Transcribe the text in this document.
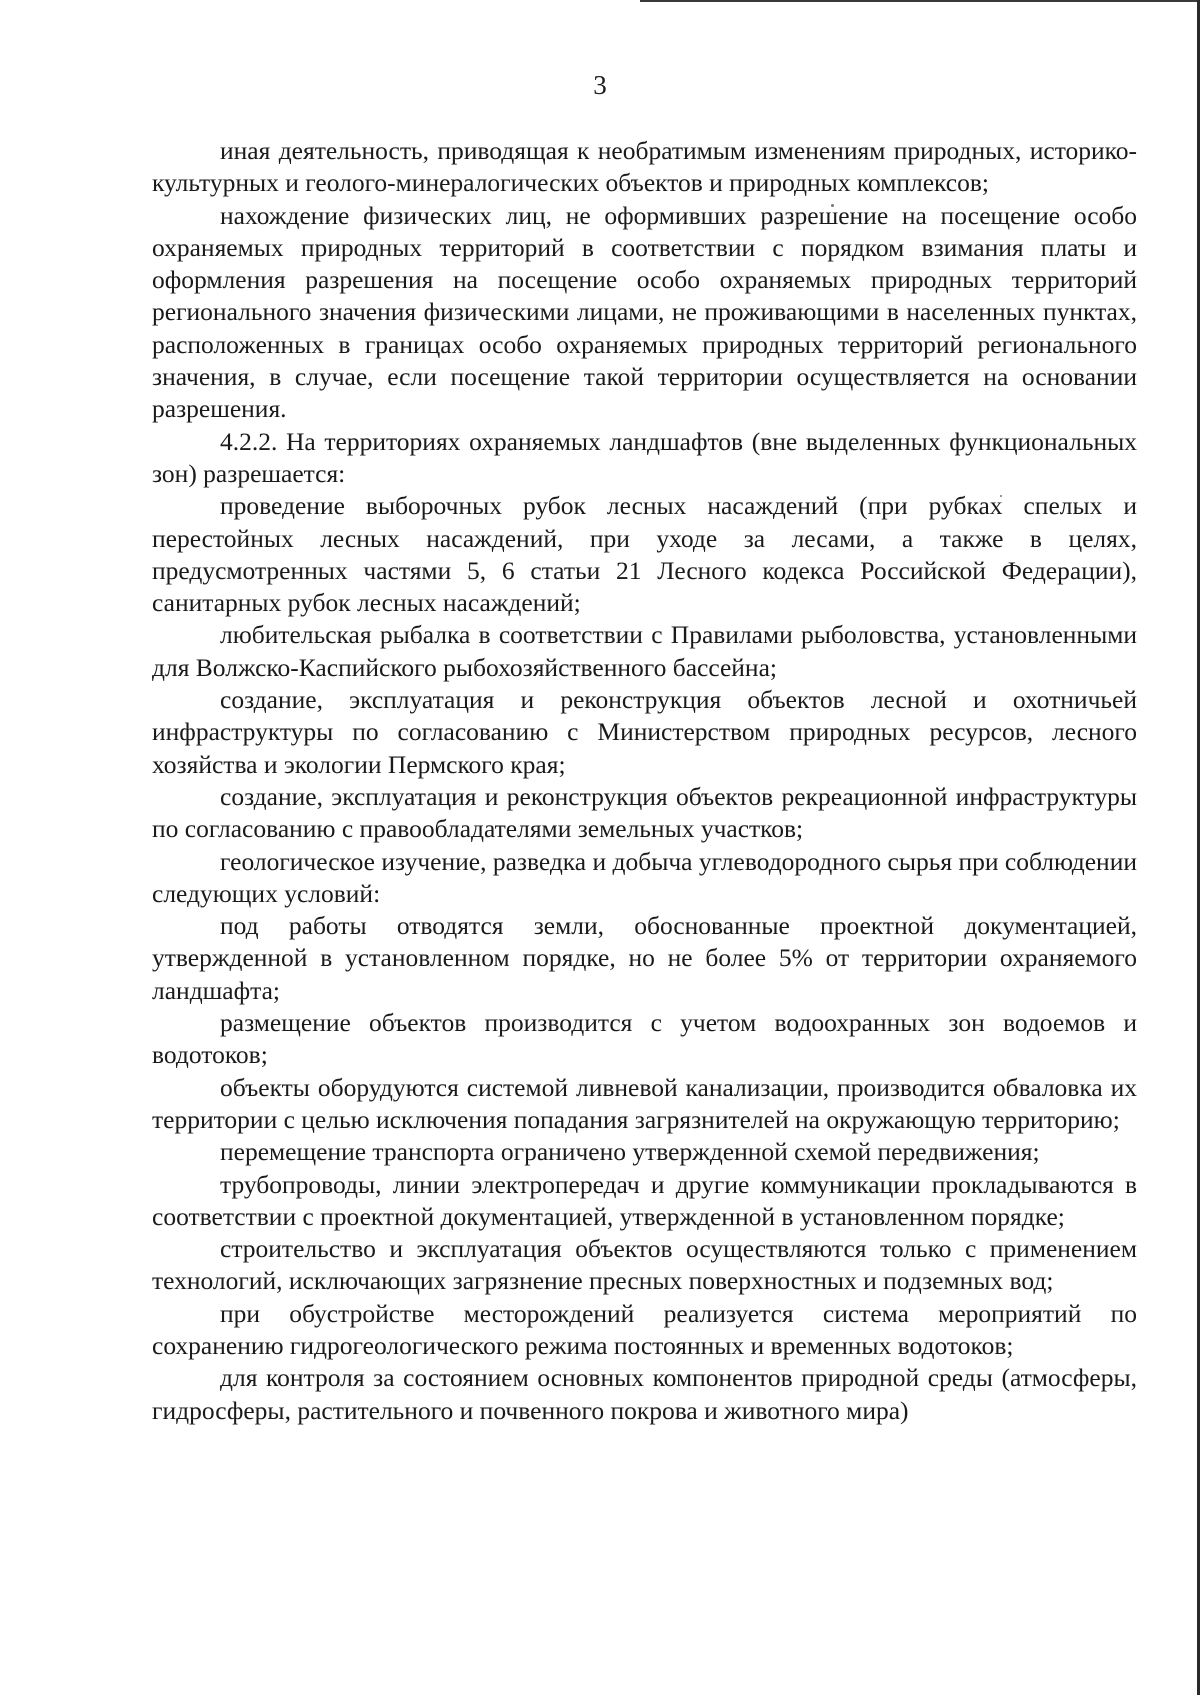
3

иная деятельность, приводящая к необратимым изменениям природных, историко-культурных и геолого-минералогических объектов и природных комплексов;

нахождение физических лиц, не оформивших разрешение на посещение особо охраняемых природных территорий в соответствии с порядком взимания платы и оформления разрешения на посещение особо охраняемых природных территорий регионального значения физическими лицами, не проживающими в населенных пунктах, расположенных в границах особо охраняемых природных территорий регионального значения, в случае, если посещение такой территории осуществляется на основании разрешения.

4.2.2. На территориях охраняемых ландшафтов (вне выделенных функциональных зон) разрешается:

проведение выборочных рубок лесных насаждений (при рубках спелых и перестойных лесных насаждений, при уходе за лесами, а также в целях, предусмотренных частями 5, 6 статьи 21 Лесного кодекса Российской Федерации), санитарных рубок лесных насаждений;

любительская рыбалка в соответствии с Правилами рыболовства, установленными для Волжско-Каспийского рыбохозяйственного бассейна;

создание, эксплуатация и реконструкция объектов лесной и охотничьей инфраструктуры по согласованию с Министерством природных ресурсов, лесного хозяйства и экологии Пермского края;

создание, эксплуатация и реконструкция объектов рекреационной инфраструктуры по согласованию с правообладателями земельных участков;

геологическое изучение, разведка и добыча углеводородного сырья при соблюдении следующих условий:

под работы отводятся земли, обоснованные проектной документацией, утвержденной в установленном порядке, но не более 5% от территории охраняемого ландшафта;

размещение объектов производится с учетом водоохранных зон водоемов и водотоков;

объекты оборудуются системой ливневой канализации, производится обваловка их территории с целью исключения попадания загрязнителей на окружающую территорию;

перемещение транспорта ограничено утвержденной схемой передвижения;

трубопроводы, линии электропередач и другие коммуникации прокладываются в соответствии с проектной документацией, утвержденной в установленном порядке;

строительство и эксплуатация объектов осуществляются только с применением технологий, исключающих загрязнение пресных поверхностных и подземных вод;

при обустройстве месторождений реализуется система мероприятий по сохранению гидрогеологического режима постоянных и временных водотоков;

для контроля за состоянием основных компонентов природной среды (атмосферы, гидросферы, растительного и почвенного покрова и животного мира)
